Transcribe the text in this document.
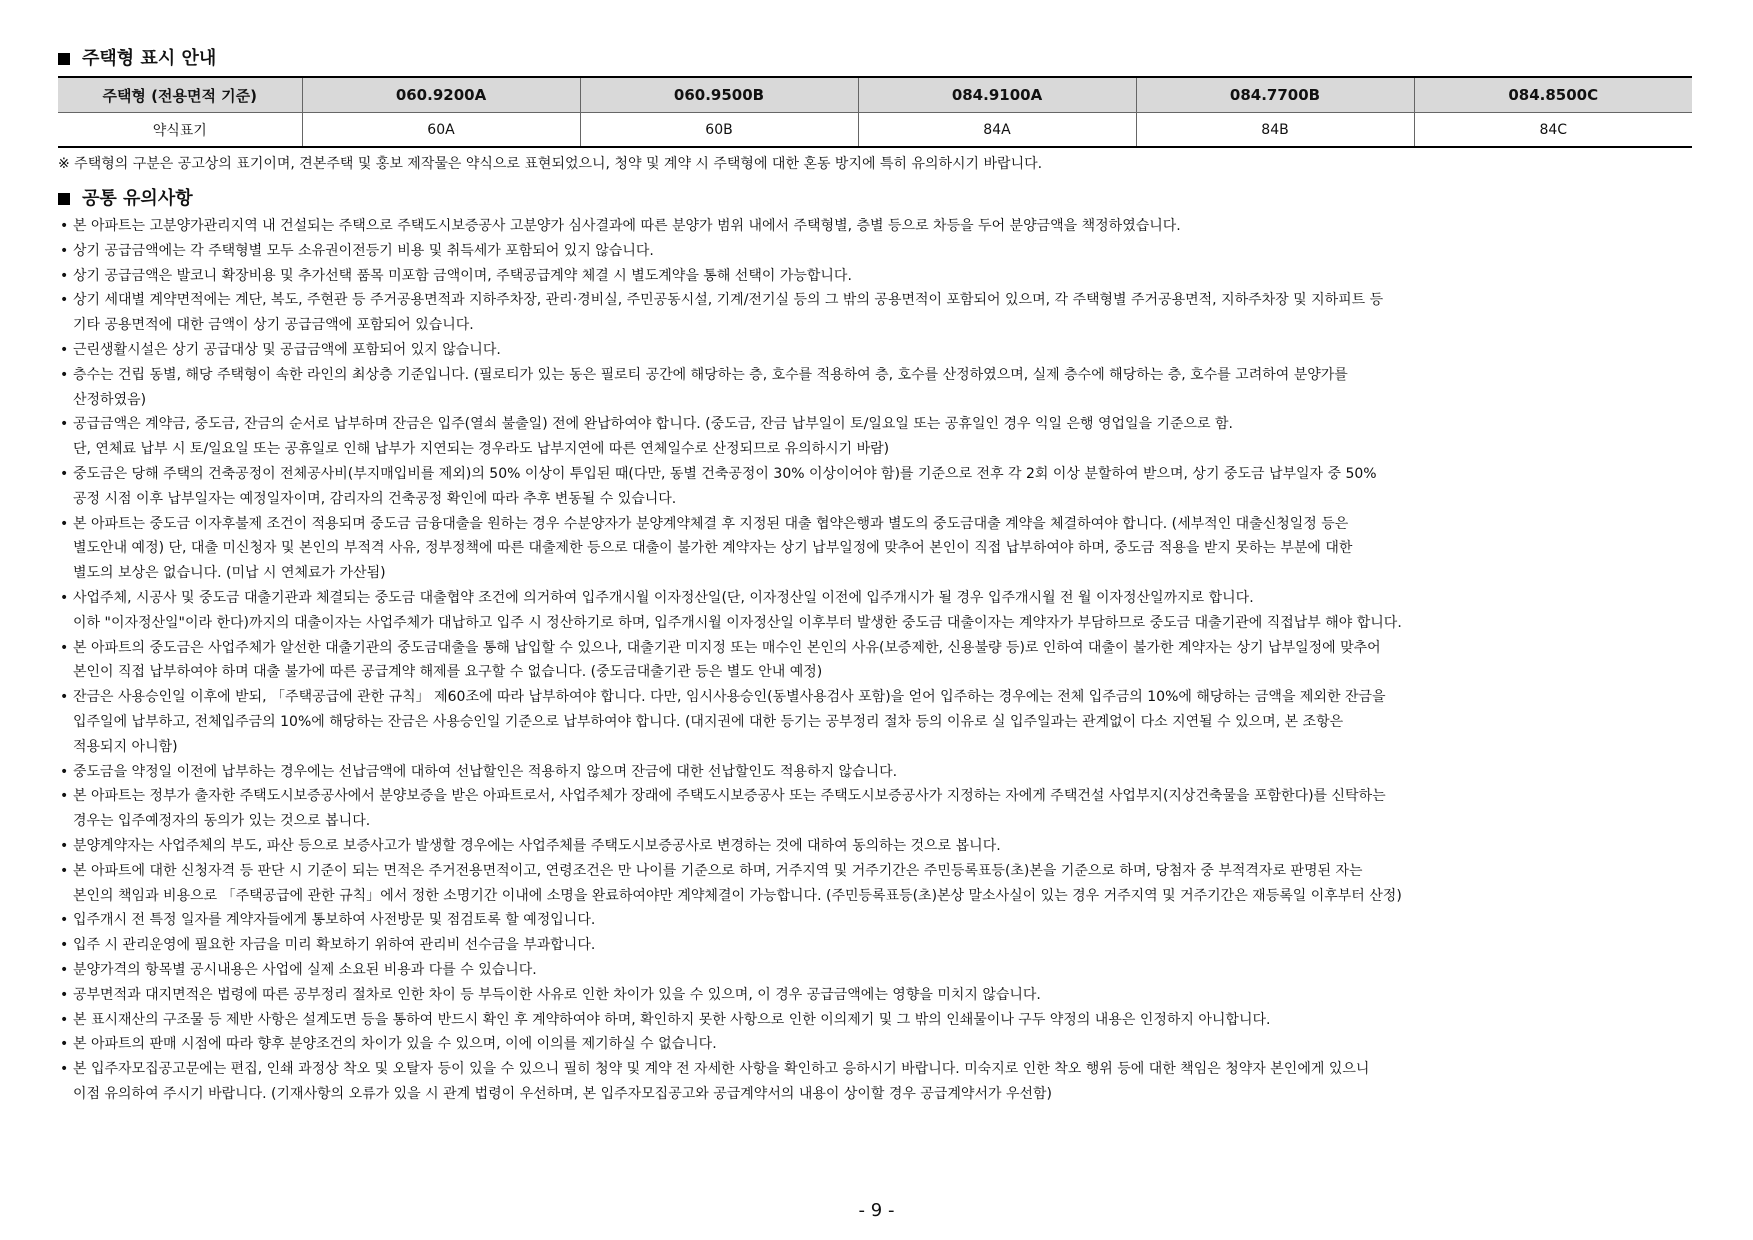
주택형 표시 안내
주택형 (전용면적 기준)	060.9200A	060.9500B	084.9100A	084.7700B	084.8500C
약식표기	60A	60B	84A	84B	84C
※ 주택형의 구분은 공고상의 표기이며, 견본주택 및 홍보 제작물은 약식으로 표현되었으니, 청약 및 계약 시 주택형에 대한 혼동 방지에 특히 유의하시기 바랍니다.
공통 유의사항
• 본 아파트는 고분양가관리지역 내 건설되는 주택으로 주택도시보증공사 고분양가 심사결과에 따른 분양가 범위 내에서 주택형별, 층별 등으로 차등을 두어 분양금액을 책정하였습니다.
• 상기 공급금액에는 각 주택형별 모두 소유권이전등기 비용 및 취득세가 포함되어 있지 않습니다.
• 상기 공급금액은 발코니 확장비용 및 추가선택 품목 미포함 금액이며, 주택공급계약 체결 시 별도계약을 통해 선택이 가능합니다.
• 상기 세대별 계약면적에는 계단, 복도, 주현관 등 주거공용면적과 지하주차장, 관리·경비실, 주민공동시설, 기계/전기실 등의 그 밖의 공용면적이 포함되어 있으며, 각 주택형별 주거공용면적, 지하주차장 및 지하피트 등
기타 공용면적에 대한 금액이 상기 공급금액에 포함되어 있습니다.
• 근린생활시설은 상기 공급대상 및 공급금액에 포함되어 있지 않습니다.
• 층수는 건립 동별, 해당 주택형이 속한 라인의 최상층 기준입니다. (필로티가 있는 동은 필로티 공간에 해당하는 층, 호수를 적용하여 층, 호수를 산정하였으며, 실제 층수에 해당하는 층, 호수를 고려하여 분양가를
산정하였음)
• 공급금액은 계약금, 중도금, 잔금의 순서로 납부하며 잔금은 입주(열쇠 불출일) 전에 완납하여야 합니다. (중도금, 잔금 납부일이 토/일요일 또는 공휴일인 경우 익일 은행 영업일을 기준으로 함.
단, 연체료 납부 시 토/일요일 또는 공휴일로 인해 납부가 지연되는 경우라도 납부지연에 따른 연체일수로 산정되므로 유의하시기 바람)
• 중도금은 당해 주택의 건축공정이 전체공사비(부지매입비를 제외)의 50% 이상이 투입된 때(다만, 동별 건축공정이 30% 이상이어야 함)를 기준으로 전후 각 2회 이상 분할하여 받으며, 상기 중도금 납부일자 중 50%
공정 시점 이후 납부일자는 예정일자이며, 감리자의 건축공정 확인에 따라 추후 변동될 수 있습니다.
• 본 아파트는 중도금 이자후불제 조건이 적용되며 중도금 금융대출을 원하는 경우 수분양자가 분양계약체결 후 지정된 대출 협약은행과 별도의 중도금대출 계약을 체결하여야 합니다. (세부적인 대출신청일정 등은
별도안내 예정) 단, 대출 미신청자 및 본인의 부적격 사유, 정부정책에 따른 대출제한 등으로 대출이 불가한 계약자는 상기 납부일정에 맞추어 본인이 직접 납부하여야 하며, 중도금 적용을 받지 못하는 부분에 대한
별도의 보상은 없습니다. (미납 시 연체료가 가산됨)
• 사업주체, 시공사 및 중도금 대출기관과 체결되는 중도금 대출협약 조건에 의거하여 입주개시월 이자정산일(단, 이자정산일 이전에 입주개시가 될 경우 입주개시월 전 월 이자정산일까지로 합니다.
이하 "이자정산일"이라 한다)까지의 대출이자는 사업주체가 대납하고 입주 시 정산하기로 하며, 입주개시월 이자정산일 이후부터 발생한 중도금 대출이자는 계약자가 부담하므로 중도금 대출기관에 직접납부 해야 합니다.
• 본 아파트의 중도금은 사업주체가 알선한 대출기관의 중도금대출을 통해 납입할 수 있으나, 대출기관 미지정 또는 매수인 본인의 사유(보증제한, 신용불량 등)로 인하여 대출이 불가한 계약자는 상기 납부일정에 맞추어
본인이 직접 납부하여야 하며 대출 불가에 따른 공급계약 해제를 요구할 수 없습니다. (중도금대출기관 등은 별도 안내 예정)
• 잔금은 사용승인일 이후에 받되, 「주택공급에 관한 규칙」 제60조에 따라 납부하여야 합니다. 다만, 임시사용승인(동별사용검사 포함)을 얻어 입주하는 경우에는 전체 입주금의 10%에 해당하는 금액을 제외한 잔금을
입주일에 납부하고, 전체입주금의 10%에 해당하는 잔금은 사용승인일 기준으로 납부하여야 합니다. (대지권에 대한 등기는 공부정리 절차 등의 이유로 실 입주일과는 관계없이 다소 지연될 수 있으며, 본 조항은
적용되지 아니함)
• 중도금을 약정일 이전에 납부하는 경우에는 선납금액에 대하여 선납할인은 적용하지 않으며 잔금에 대한 선납할인도 적용하지 않습니다.
• 본 아파트는 정부가 출자한 주택도시보증공사에서 분양보증을 받은 아파트로서, 사업주체가 장래에 주택도시보증공사 또는 주택도시보증공사가 지정하는 자에게 주택건설 사업부지(지상건축물을 포함한다)를 신탁하는
경우는 입주예정자의 동의가 있는 것으로 봅니다.
• 분양계약자는 사업주체의 부도, 파산 등으로 보증사고가 발생할 경우에는 사업주체를 주택도시보증공사로 변경하는 것에 대하여 동의하는 것으로 봅니다.
• 본 아파트에 대한 신청자격 등 판단 시 기준이 되는 면적은 주거전용면적이고, 연령조건은 만 나이를 기준으로 하며, 거주지역 및 거주기간은 주민등록표등(초)본을 기준으로 하며, 당첨자 중 부적격자로 판명된 자는
본인의 책임과 비용으로 「주택공급에 관한 규칙」에서 정한 소명기간 이내에 소명을 완료하여야만 계약체결이 가능합니다. (주민등록표등(초)본상 말소사실이 있는 경우 거주지역 및 거주기간은 재등록일 이후부터 산정)
• 입주개시 전 특정 일자를 계약자들에게 통보하여 사전방문 및 점검토록 할 예정입니다.
• 입주 시 관리운영에 필요한 자금을 미리 확보하기 위하여 관리비 선수금을 부과합니다.
• 분양가격의 항목별 공시내용은 사업에 실제 소요된 비용과 다를 수 있습니다.
• 공부면적과 대지면적은 법령에 따른 공부정리 절차로 인한 차이 등 부득이한 사유로 인한 차이가 있을 수 있으며, 이 경우 공급금액에는 영향을 미치지 않습니다.
• 본 표시재산의 구조물 등 제반 사항은 설계도면 등을 통하여 반드시 확인 후 계약하여야 하며, 확인하지 못한 사항으로 인한 이의제기 및 그 밖의 인쇄물이나 구두 약정의 내용은 인정하지 아니합니다.
• 본 아파트의 판매 시점에 따라 향후 분양조건의 차이가 있을 수 있으며, 이에 이의를 제기하실 수 없습니다.
• 본 입주자모집공고문에는 편집, 인쇄 과정상 착오 및 오탈자 등이 있을 수 있으니 필히 청약 및 계약 전 자세한 사항을 확인하고 응하시기 바랍니다. 미숙지로 인한 착오 행위 등에 대한 책임은 청약자 본인에게 있으니
이점 유의하여 주시기 바랍니다. (기재사항의 오류가 있을 시 관계 법령이 우선하며, 본 입주자모집공고와 공급계약서의 내용이 상이할 경우 공급계약서가 우선함)
- 9 -
